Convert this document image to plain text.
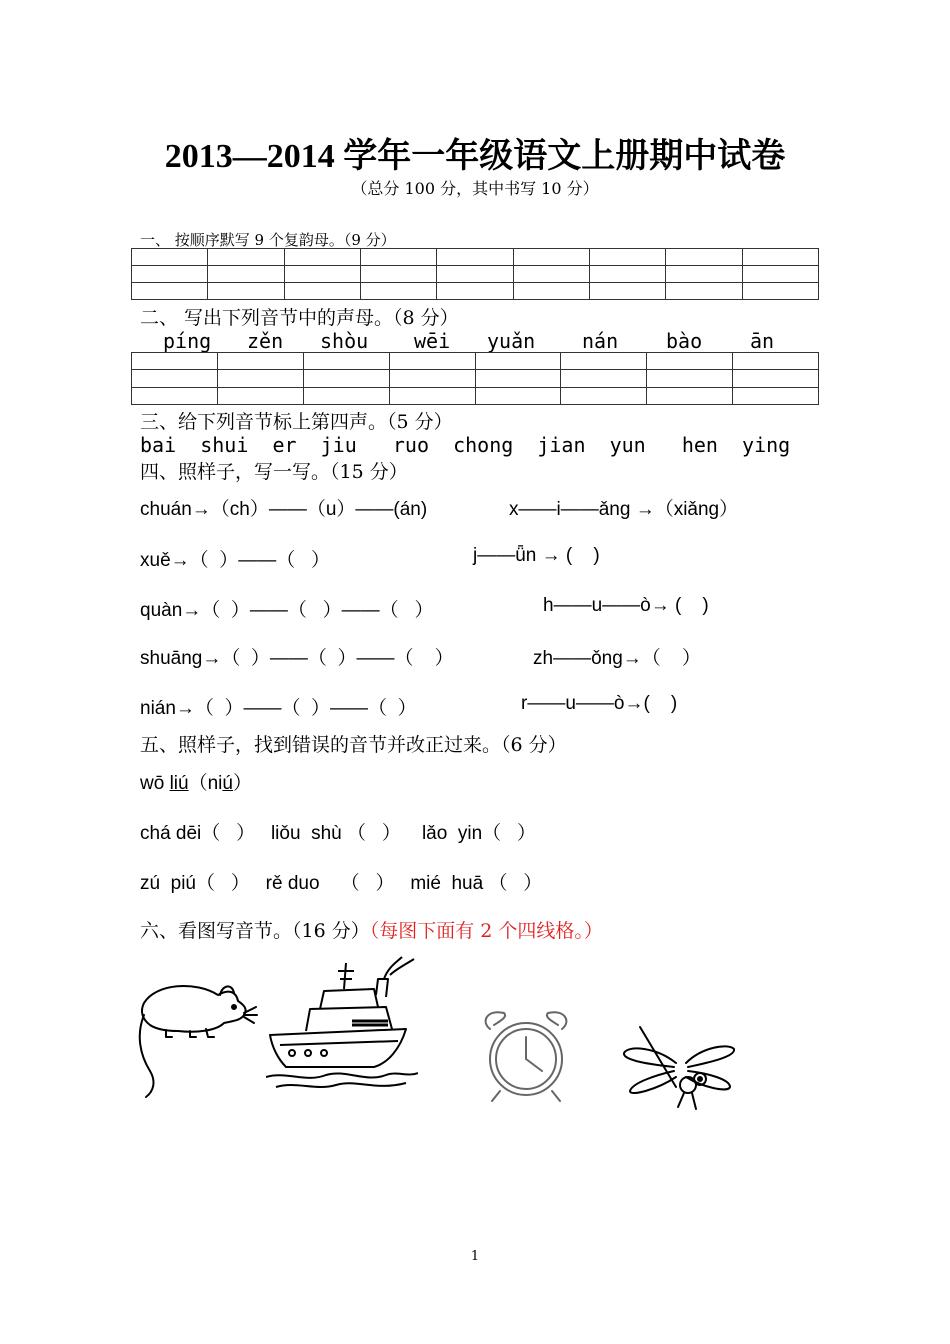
2013—2014 学年一年级语文上册期中试卷
（总分 100 分，其中书写 10 分）
一、 按顺序默写 9 个复韵母。（9 分）

二、 写出下列音节中的声母。（8 分）
píng zěn shòu wēi yuǎn nán bào ān

三、给下列音节标上第四声。（5 分）
bai  shui  er  jiu   ruo  chong  jian  yun   hen  ying
四、照样子，写一写。（15 分）
chuán→（ch）——（u）——(án)	x——i——ǎng →（xiǎng）
xuě→（  ）——（   ）	j——ǖn → (    )
quàn→（  ）——（   ）——（   ）	h——u——ò→ (    )
shuāng→（  ）——（  ）——（    ）	zh——ǒng→（    ）
nián→（  ）——（  ）——（  ）	r——u——ò→(    )
五、照样子，找到错误的音节并改正过来。（6 分）
wō liú（niú）
chá dēi（   ）   liǒu  shù （   ）    lǎo  yin（   ）
zú  piú（   ）   rě duo    （   ）   mié  huā （   ）
六、看图写音节。（16 分）（每图下面有 2 个四线格。）
1
